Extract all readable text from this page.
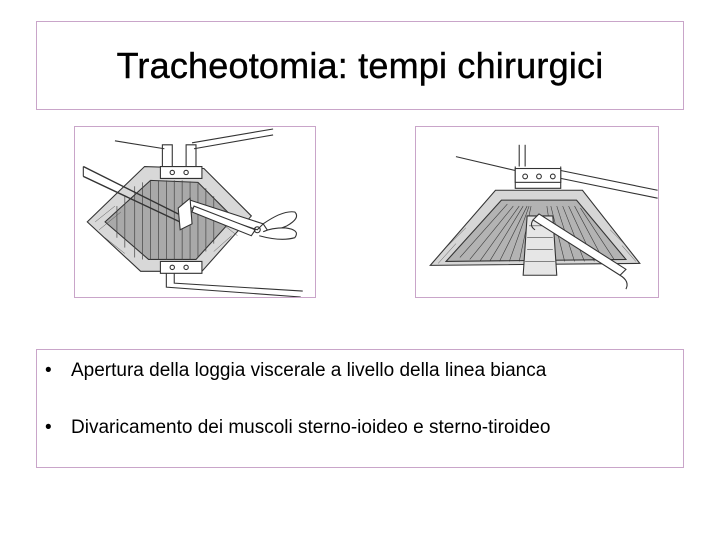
Tracheotomia: tempi chirurgici
• Apertura della loggia viscerale a livello della linea bianca
• Divaricamento dei muscoli sterno-ioideo e sterno-tiroideo
